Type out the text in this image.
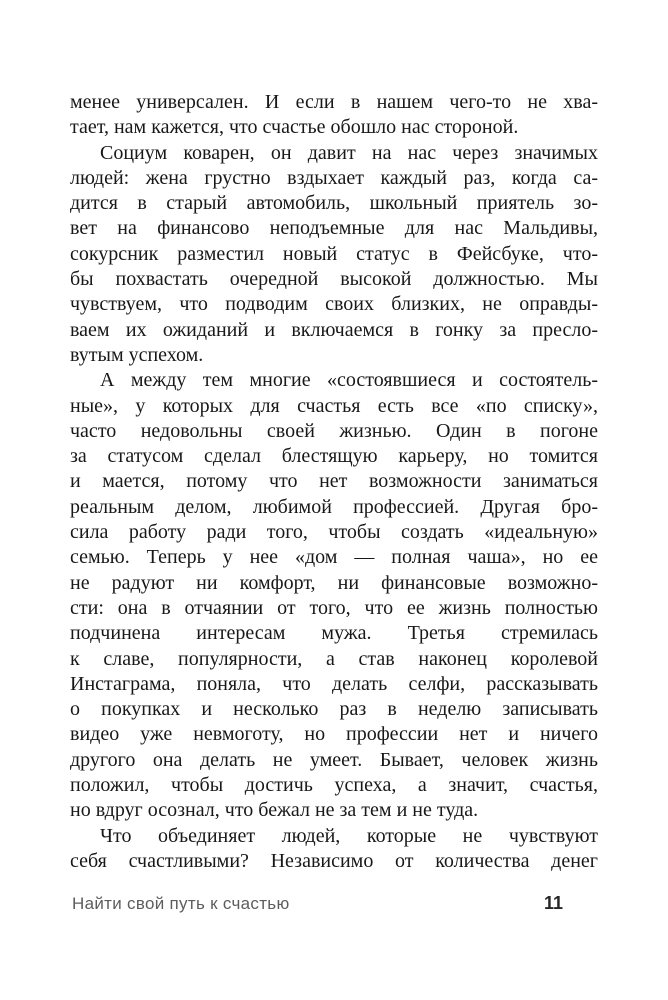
менее универсален. И если в нашем чего-то не хва-
тает, нам кажется, что счастье обошло нас стороной.
Социум коварен, он давит на нас через значимых
людей: жена грустно вздыхает каждый раз, когда са-
дится в старый автомобиль, школьный приятель зо-
вет на финансово неподъемные для нас Мальдивы,
сокурсник разместил новый статус в Фейсбуке, что-
бы похвастать очередной высокой должностью. Мы
чувствуем, что подводим своих близких, не оправды-
ваем их ожиданий и включаемся в гонку за пресло-
вутым успехом.
А между тем многие «состоявшиеся и состоятель-
ные», у которых для счастья есть все «по списку»,
часто недовольны своей жизнью. Один в погоне
за статусом сделал блестящую карьеру, но томится
и мается, потому что нет возможности заниматься
реальным делом, любимой профессией. Другая бро-
сила работу ради того, чтобы создать «идеальную»
семью. Теперь у нее «дом — полная чаша», но ее
не радуют ни комфорт, ни финансовые возможно-
сти: она в отчаянии от того, что ее жизнь полностью
подчинена интересам мужа. Третья стремилась
к славе, популярности, а став наконец королевой
Инстаграма, поняла, что делать селфи, рассказывать
о покупках и несколько раз в неделю записывать
видео уже невмоготу, но профессии нет и ничего
другого она делать не умеет. Бывает, человек жизнь
положил, чтобы достичь успеха, а значит, счастья,
но вдруг осознал, что бежал не за тем и не туда.
Что объединяет людей, которые не чувствуют
себя счастливыми? Независимо от количества денег
Найти свой путь к счастью	11
